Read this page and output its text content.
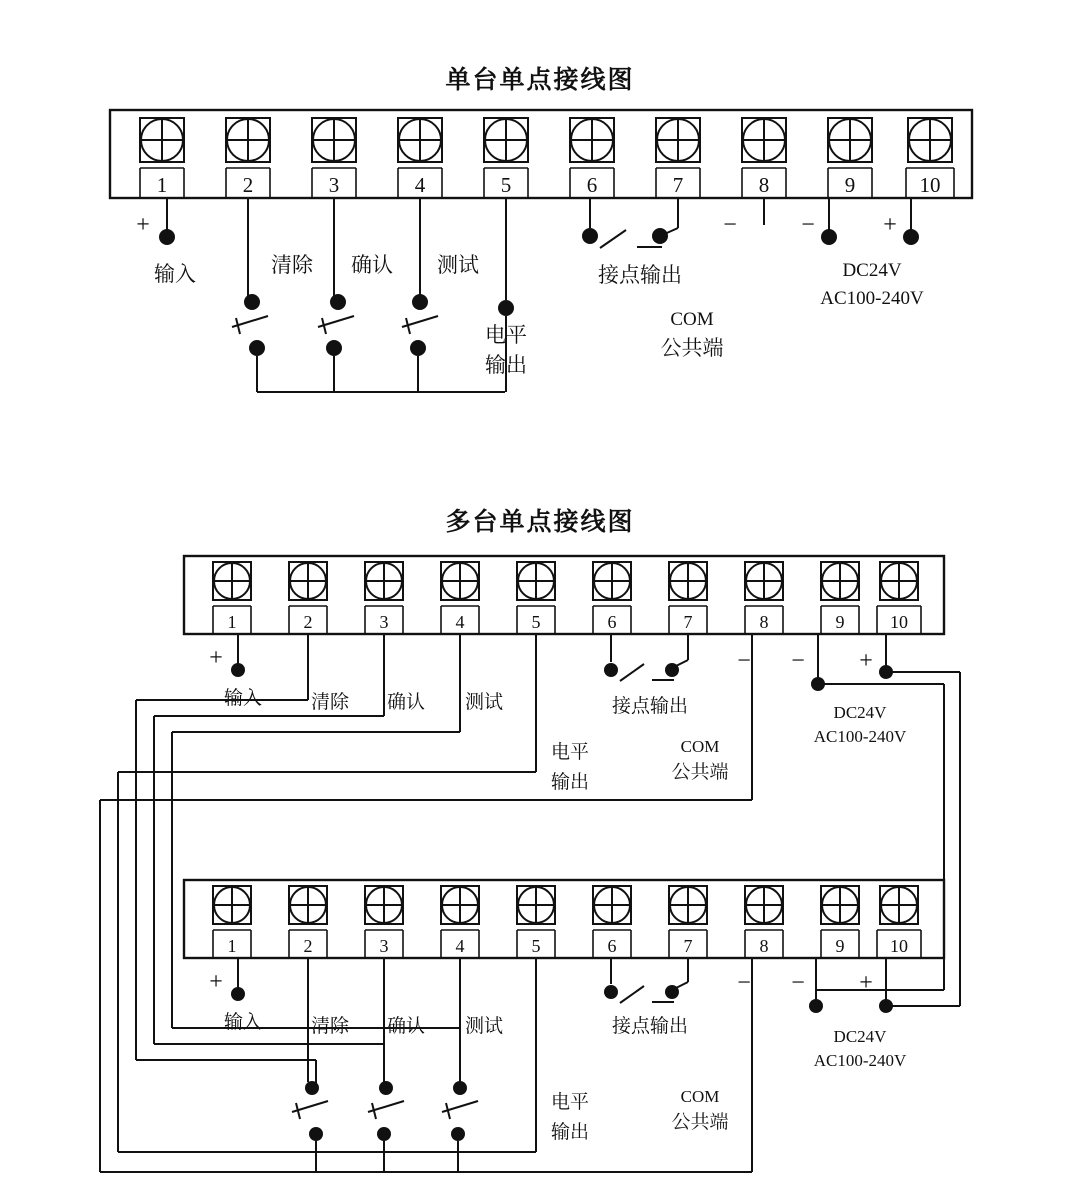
单台单点接线图
1	2	3	4	5	6	7	8	9	10
+
输入	清除 确认 测试
电平
输出
接点输出
−
COM
公共端
−	+
DC24V
AC100-240V
多台单点接线图
1	2	3	4	5	6	7	8	9	10
+
输入	清除 确认 测试
电平
输出
接点输出
−
COM
公共端
− +
DC24V
AC100-240V
1	2	3	4	5	6	7	8	9	10
+
输入	清除 确认 测试
电平
输出
接点输出
−
COM
公共端
− +
DC24V
AC100-240V
